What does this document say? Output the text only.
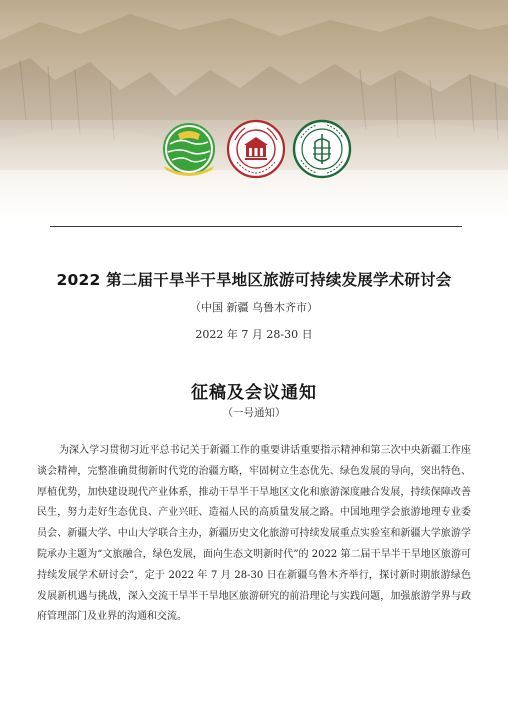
2022 第二届干旱半干旱地区旅游可持续发展学术研讨会
（中国 新疆 乌鲁木齐市）
2022 年 7 月 28-30 日
征稿及会议通知
（一号通知）

为深入学习贯彻习近平总书记关于新疆工作的重要讲话重要指示精神和第三次中央新疆工作座谈会精神，完整准确贯彻新时代党的治疆方略，牢固树立生态优先、绿色发展的导向，突出特色、厚植优势，加快建设现代产业体系，推动干旱半干旱地区文化和旅游深度融合发展，持续保障改善民生，努力走好生态优良、产业兴旺、造福人民的高质量发展之路。中国地理学会旅游地理专业委员会、新疆大学、中山大学联合主办，新疆历史文化旅游可持续发展重点实验室和新疆大学旅游学院承办主题为“文旅融合，绿色发展，面向生态文明新时代”的 2022 第二届干旱半干旱地区旅游可持续发展学术研讨会”，定于 2022 年 7 月 28-30 日在新疆乌鲁木齐举行，探讨新时期旅游绿色发展新机遇与挑战，深入交流干旱半干旱地区旅游研究的前沿理论与实践问题，加强旅游学界与政府管理部门及业界的沟通和交流。
